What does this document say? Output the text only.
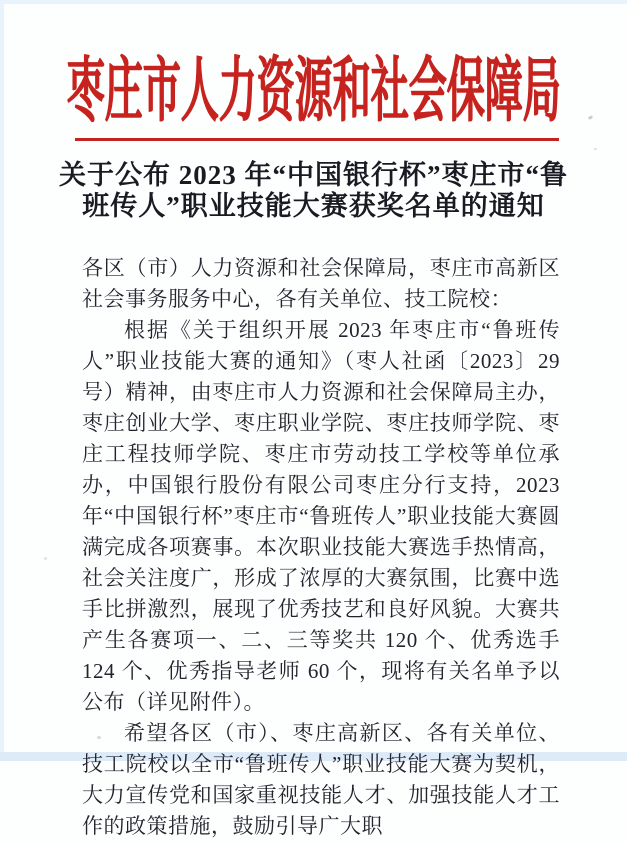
枣庄市人力资源和社会保障局
关于公布 2023 年“中国银行杯”枣庄市“鲁
班传人”职业技能大赛获奖名单的通知

各区（市）人力资源和社会保障局，枣庄市高新区社会事务服务中心，各有关单位、技工院校：

根据《关于组织开展 2023 年枣庄市“鲁班传人”职业技能大赛的通知》（枣人社函〔2023〕29 号）精神，由枣庄市人力资源和社会保障局主办，枣庄创业大学、枣庄职业学院、枣庄技师学院、枣庄工程技师学院、枣庄市劳动技工学校等单位承办，中国银行股份有限公司枣庄分行支持，2023 年“中国银行杯”枣庄市“鲁班传人”职业技能大赛圆满完成各项赛事。本次职业技能大赛选手热情高，社会关注度广，形成了浓厚的大赛氛围，比赛中选手比拼激烈，展现了优秀技艺和良好风貌。大赛共产生各赛项一、二、三等奖共 120 个、优秀选手 124 个、优秀指导老师 60 个，现将有关名单予以公布（详见附件）。

希望各区（市）、枣庄高新区、各有关单位、技工院校以全市“鲁班传人”职业技能大赛为契机，大力宣传党和国家重视技能人才、加强技能人才工作的政策措施，鼓励引导广大职
